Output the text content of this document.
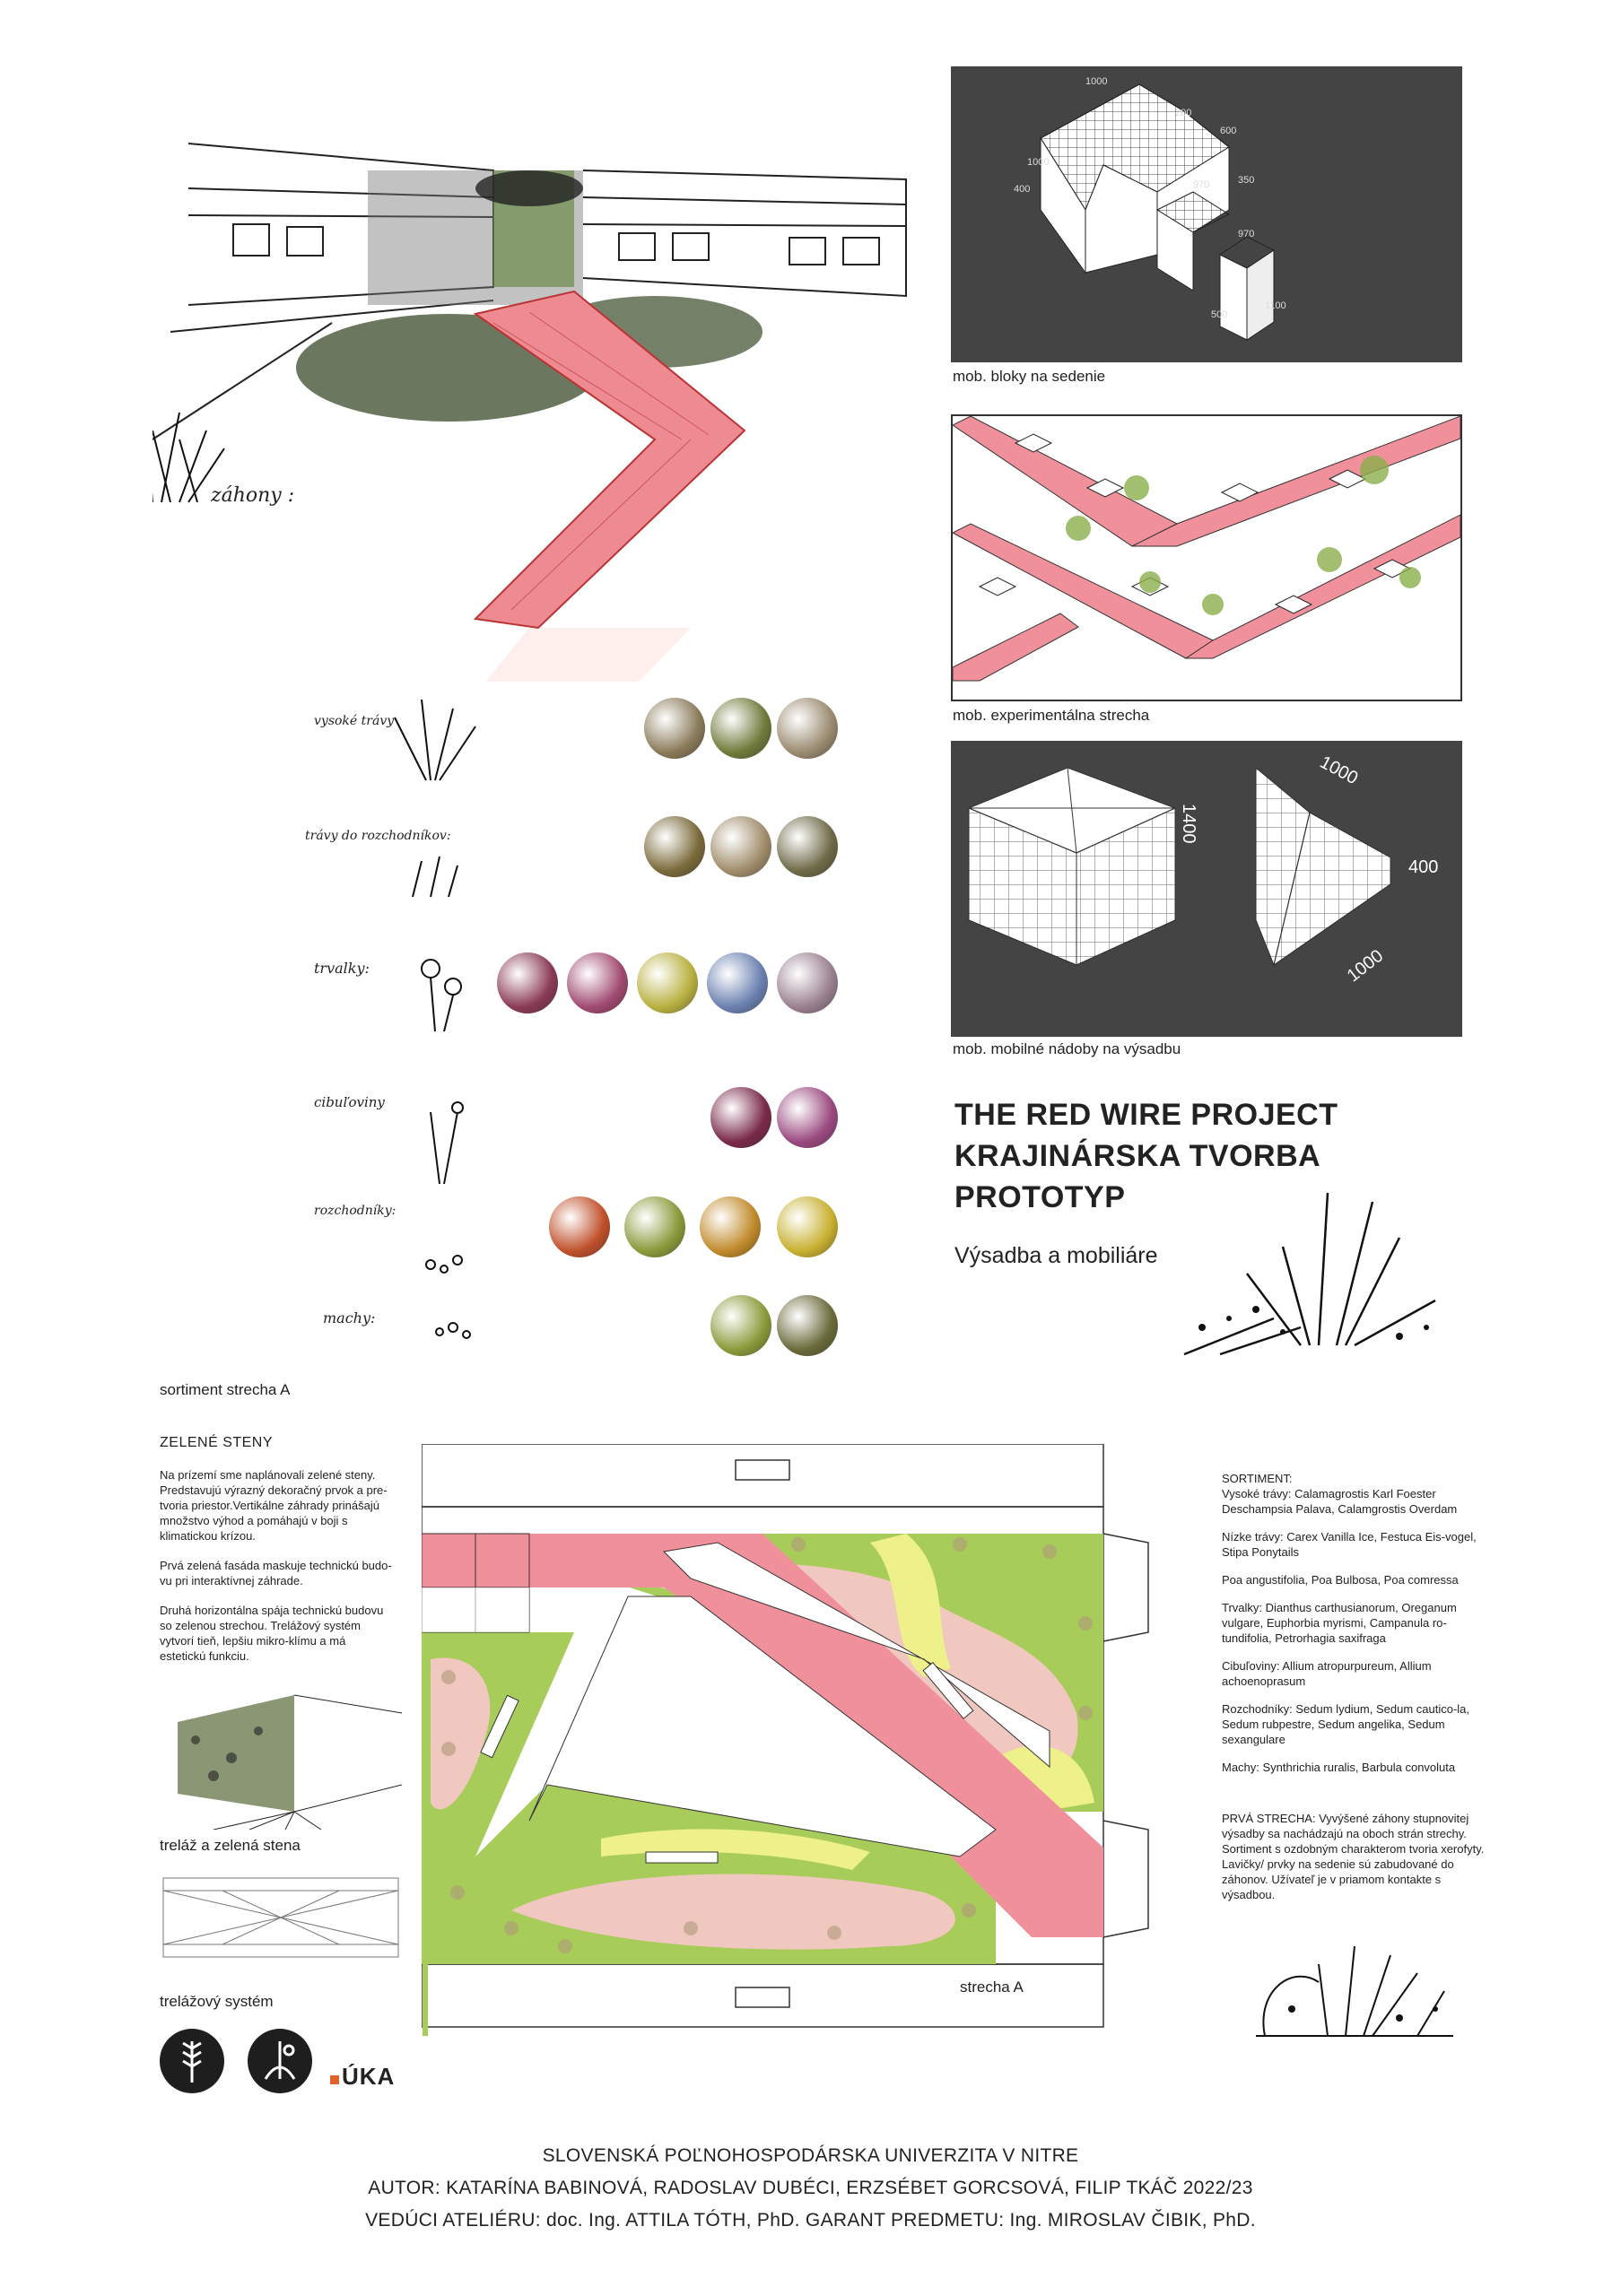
záhony :
1000
1000
200
600
350
400	970
970
500
1100
mob. bloky na sedenie
mob. experimentálna strecha
1000
1400
400
1000
mob. mobilné nádoby na výsadbu
THE RED WIRE PROJECT
KRAJINÁRSKA TVORBA
PROTOTYP
Výsadba a mobiliáre
vysoké trávy
trávy do rozchodníkov:
trvalky:
cibuľoviny
rozchodníky:
machy:
sortiment strecha A
ZELENÉ STENY
Na prízemí sme naplánovali zelené steny. Predstavujú výrazný dekoračný prvok a pre-tvoria priestor.Vertikálne záhrady prinášajú množstvo výhod a pomáhajú v boji s klimatickou krízou.
Prvá zelená fasáda maskuje technickú budo-vu pri interaktívnej záhrade.
Druhá horizontálna spája technickú budovu so zelenou strechou. Trelážový systém vytvorí tieň, lepšiu mikro-klímu a má estetickú funkciu.
treláž a zelená stena
trelážový systém
ÚKA
strecha A
SORTIMENT:
Vysoké trávy: Calamagrostis Karl Foester Deschampsia Palava, Calamgrostis Overdam
Nízke trávy: Carex Vanilla Ice, Festuca Eis-vogel, Stipa Ponytails
Poa angustifolia, Poa Bulbosa, Poa comressa
Trvalky: Dianthus carthusianorum, Oreganum vulgare, Euphorbia myrismi, Campanula ro-tundifolia, Petrorhagia saxifraga
Cibuľoviny: Allium atropurpureum, Allium achoenoprasum
Rozchodníky: Sedum lydium, Sedum cautico-la, Sedum rubpestre, Sedum angelika, Sedum sexangulare
Machy: Synthrichia ruralis, Barbula convoluta
PRVÁ STRECHA: Vyvýšené záhony stupnovitej výsadby sa nachádzajú na oboch strán strechy. Sortiment s ozdobným charakterom tvoria xerofyty. Lavičky/ prvky na sedenie sú zabudované do záhonov. Užívateľ je v priamom kontakte s výsadbou.
SLOVENSKÁ POĽNOHOSPODÁRSKA UNIVERZITA V NITRE
AUTOR: KATARÍNA BABINOVÁ, RADOSLAV DUBÉCI, ERZSÉBET GORCSOVÁ, FILIP TKÁČ 2022/23
VEDÚCI ATELIÉRU: doc. Ing. ATTILA TÓTH, PhD. GARANT PREDMETU: Ing. MIROSLAV ČIBIK, PhD.
